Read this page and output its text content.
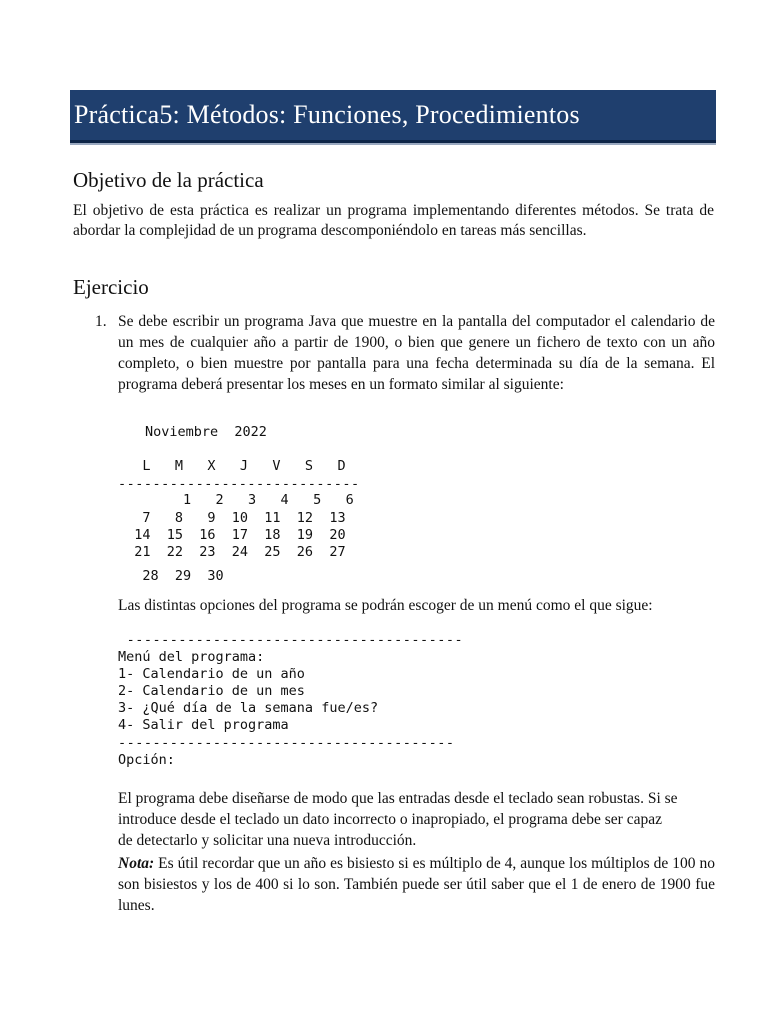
Práctica5: Métodos: Funciones, Procedimientos
Objetivo de la práctica

El objetivo de esta práctica es realizar un programa implementando diferentes métodos. Se trata de abordar la complejidad de un programa descomponiéndolo en tareas más sencillas.

Ejercicio
1. Se debe escribir un programa Java que muestre en la pantalla del computador el calendario de un mes de cualquier año a partir de 1900, o bien que genere un fichero de texto con un año completo, o bien muestre por pantalla para una fecha determinada su día de la semana. El programa deberá presentar los meses en un formato similar al siguiente:
Noviembre  2022
L   M   X   J   V   S   D
----------------------------
1   2   3   4   5   6
7   8   9  10  11  12  13
14  15  16  17  18  19  20
21  22  23  24  25  26  27
28  29  30
Las distintas opciones del programa se podrán escoger de un menú como el que sigue:
---------------------------------------
Menú del programa:
1- Calendario de un año
2- Calendario de un mes
3- ¿Qué día de la semana fue/es?
4- Salir del programa
---------------------------------------
Opción:
El programa debe diseñarse de modo que las entradas desde el teclado sean robustas. Si se introduce desde el teclado un dato incorrecto o inapropiado, el programa debe ser capaz de detectarlo y solicitar una nueva introducción.
Nota: Es útil recordar que un año es bisiesto si es múltiplo de 4, aunque los múltiplos de 100 no son bisiestos y los de 400 si lo son. También puede ser útil saber que el 1 de enero de 1900 fue lunes.
